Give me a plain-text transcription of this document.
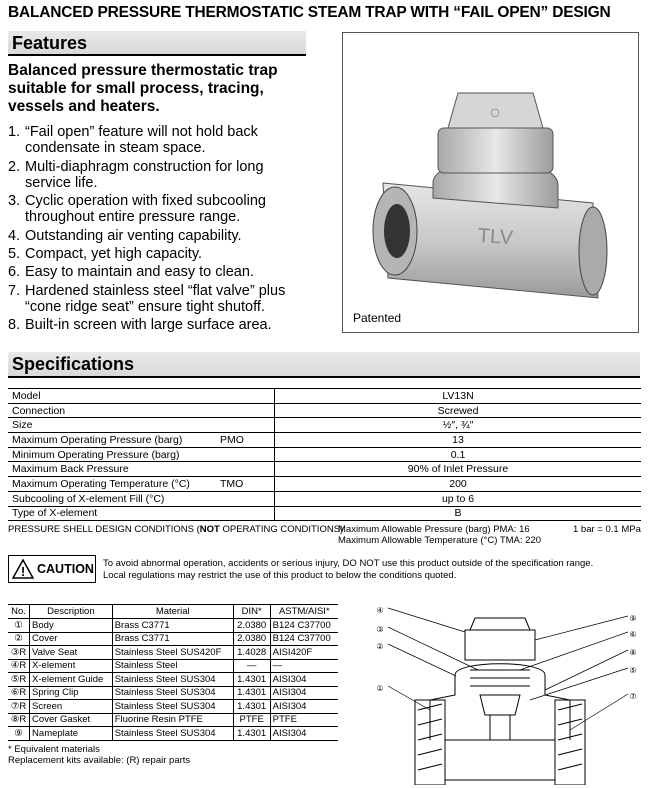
BALANCED PRESSURE THERMOSTATIC STEAM TRAP WITH “FAIL OPEN” DESIGN
Features
Balanced pressure thermostatic trap suitable for small process, tracing, vessels and heaters.
1. “Fail open” feature will not hold back condensate in steam space.
2. Multi-diaphragm construction for long service life.
3. Cyclic operation with fixed subcooling throughout entire pressure range.
4. Outstanding air venting capability.
5. Compact, yet high capacity.
6. Easy to maintain and easy to clean.
7. Hardened stainless steel “flat valve” plus “cone ridge seat” ensure tight shutoff.
8. Built-in screen with large surface area.
◯
TLV
Patented
Specifications
Model		LV13N
Connection		Screwed
Size		½″, ¾″
Maximum Operating Pressure (barg)	PMO	13
Minimum Operating Pressure (barg)		0.1
Maximum Back Pressure		90% of Inlet Pressure
Maximum Operating Temperature (°C)	TMO	200
Subcooling of X-element Fill (°C)		up to 6
Type of X-element		B
PRESSURE SHELL DESIGN CONDITIONS (NOT OPERATING CONDITIONS):
Maximum Allowable Pressure (barg) PMA: 16
Maximum Allowable Temperature (°C) TMA: 220
1 bar = 0.1 MPa
! CAUTION To avoid abnormal operation, accidents or serious injury, DO NOT use this product outside of the specification range.
Local regulations may restrict the use of this product to below the conditions quoted.
No.	Description	Material	DIN*	ASTM/AISI*
①	Body	Brass C3771	2.0380	B124 C37700
②	Cover	Brass C3771	2.0380	B124 C37700
③R	Valve Seat	Stainless Steel SUS420F	1.4028	AISI420F
④R	X-element	Stainless Steel	—	—
⑤R	X-element Guide	Stainless Steel SUS304	1.4301	AISI304
⑥R	Spring Clip	Stainless Steel SUS304	1.4301	AISI304
⑦R	Screen	Stainless Steel SUS304	1.4301	AISI304
⑧R	Cover Gasket	Fluorine Resin PTFE	PTFE	PTFE
⑨	Nameplate	Stainless Steel SUS304	1.4301	AISI304
* Equivalent materials
Replacement kits available: (R) repair parts
④
③
②
①
⑨
⑥
⑧
⑤
⑦
